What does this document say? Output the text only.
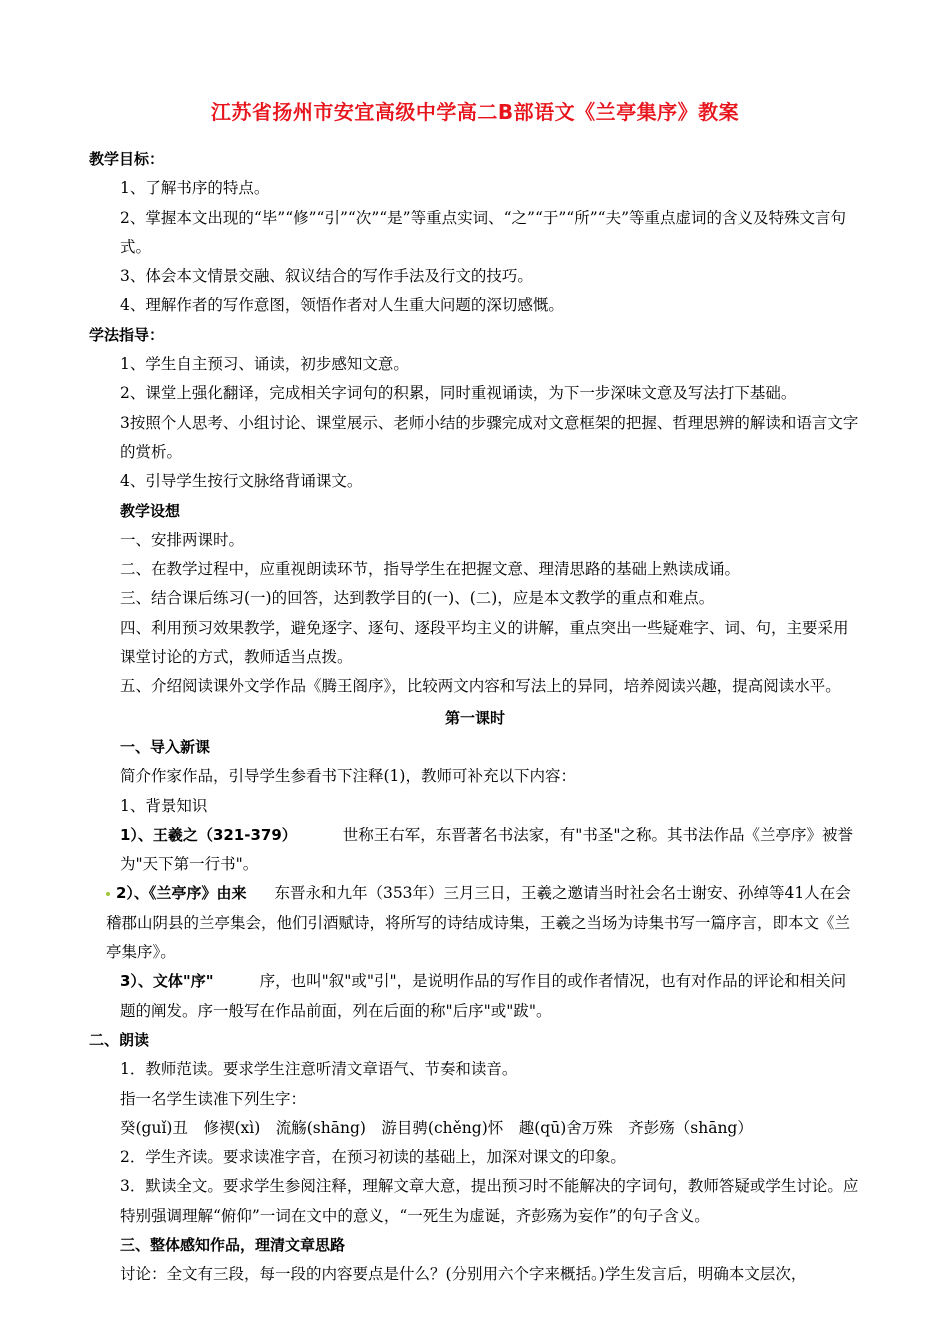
江苏省扬州市安宜高级中学高二B部语文《兰亭集序》教案

教学目标：

1、了解书序的特点。

2、掌握本文出现的“毕”“修”“引”“次”“是”等重点实词、“之”“于”“所”“夫”等重点虚词的含义及特殊文言句式。

3、体会本文情景交融、叙议结合的写作手法及行文的技巧。

4、理解作者的写作意图，领悟作者对人生重大问题的深切感慨。

学法指导：

1、学生自主预习、诵读，初步感知文意。

2、课堂上强化翻译，完成相关字词句的积累，同时重视诵读，为下一步深味文意及写法打下基础。

3按照个人思考、小组讨论、课堂展示、老师小结的步骤完成对文意框架的把握、哲理思辨的解读和语言文字的赏析。

4、引导学生按行文脉络背诵课文。

教学设想

一、安排两课时。

二、在教学过程中，应重视朗读环节，指导学生在把握文意、理清思路的基础上熟读成诵。

三、结合课后练习(一)的回答，达到教学目的(一)、(二)，应是本文教学的重点和难点。

四、利用预习效果教学，避免逐字、逐句、逐段平均主义的讲解，重点突出一些疑难字、词、句，主要采用课堂讨论的方式，教师适当点拨。

五、介绍阅读课外文学作品《腾王阁序》，比较两文内容和写法上的异同，培养阅读兴趣，提高阅读水平。

第一课时

一、导入新课

简介作家作品，引导学生参看书下注释(1)，教师可补充以下内容：

1、背景知识

1）、王羲之（321-379）	世称王右军，东晋著名书法家，有"书圣"之称。其书法作品《兰亭序》被誉为"天下第一行书"。

2）、《兰亭序》由来 东晋永和九年（353年）三月三日，王羲之邀请当时社会名士谢安、孙绰等41人在会稽郡山阴县的兰亭集会，他们引酒赋诗，将所写的诗结成诗集，王羲之当场为诗集书写一篇序言，即本文《兰亭集序》。

3）、文体"序"	序，也叫"叙"或"引"，是说明作品的写作目的或作者情况，也有对作品的评论和相关问题的阐发。序一般写在作品前面，列在后面的称"后序"或"跋"。

二、朗读

1．教师范读。要求学生注意听清文章语气、节奏和读音。

指一名学生读准下列生字：

癸(guǐ)丑　修禊(xì)　流觞(shāng)　游目骋(chěng)怀　趣(qū)舍万殊　齐彭殇（shāng）

2．学生齐读。要求读准字音，在预习初读的基础上，加深对课文的印象。

3．默读全文。要求学生参阅注释，理解文章大意，提出预习时不能解决的字词句，教师答疑或学生讨论。应特别强调理解“俯仰”一词在文中的意义，“一死生为虚诞，齐彭殇为妄作”的句子含义。

三、整体感知作品，理清文章思路

讨论：全文有三段，每一段的内容要点是什么？(分别用六个字来概括。)学生发言后，明确本文层次，
